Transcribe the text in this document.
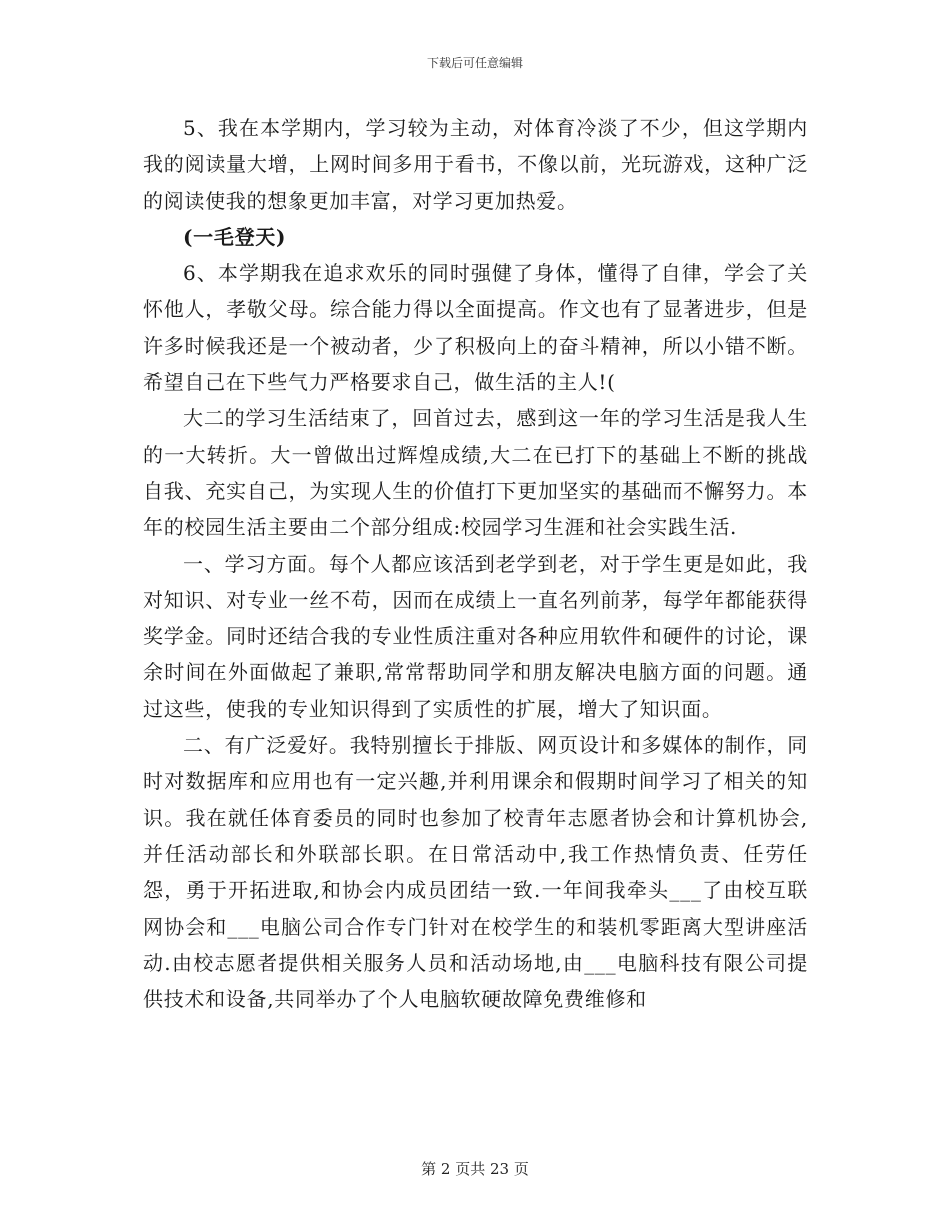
下载后可任意编辑

5、我在本学期内，学习较为主动，对体育冷淡了不少，但这学期内我的阅读量大增，上网时间多用于看书，不像以前，光玩游戏，这种广泛的阅读使我的想象更加丰富，对学习更加热爱。

(一毛登天)

6、本学期我在追求欢乐的同时强健了身体，懂得了自律，学会了关怀他人，孝敬父母。综合能力得以全面提高。作文也有了显著进步，但是许多时候我还是一个被动者，少了积极向上的奋斗精神，所以小错不断。希望自己在下些气力严格要求自己，做生活的主人!(

大二的学习生活结束了，回首过去，感到这一年的学习生活是我人生的一大转折。大一曾做出过辉煌成绩,大二在已打下的基础上不断的挑战自我、充实自己，为实现人生的价值打下更加坚实的基础而不懈努力。本年的校园生活主要由二个部分组成:校园学习生涯和社会实践生活.

一、学习方面。每个人都应该活到老学到老，对于学生更是如此，我对知识、对专业一丝不苟，因而在成绩上一直名列前茅，每学年都能获得奖学金。同时还结合我的专业性质注重对各种应用软件和硬件的讨论，课余时间在外面做起了兼职,常常帮助同学和朋友解决电脑方面的问题。通过这些，使我的专业知识得到了实质性的扩展，增大了知识面。

二、有广泛爱好。我特别擅长于排版、网页设计和多媒体的制作，同时对数据库和应用也有一定兴趣,并利用课余和假期时间学习了相关的知识。我在就任体育委员的同时也参加了校青年志愿者协会和计算机协会,并任活动部长和外联部长职。在日常活动中,我工作热情负责、任劳任怨，勇于开拓进取,和协会内成员团结一致.一年间我牵头___了由校互联网协会和___电脑公司合作专门针对在校学生的和装机零距离大型讲座活动.由校志愿者提供相关服务人员和活动场地,由___电脑科技有限公司提供技术和设备,共同举办了个人电脑软硬故障免费维修和

第 2 页共 23 页
